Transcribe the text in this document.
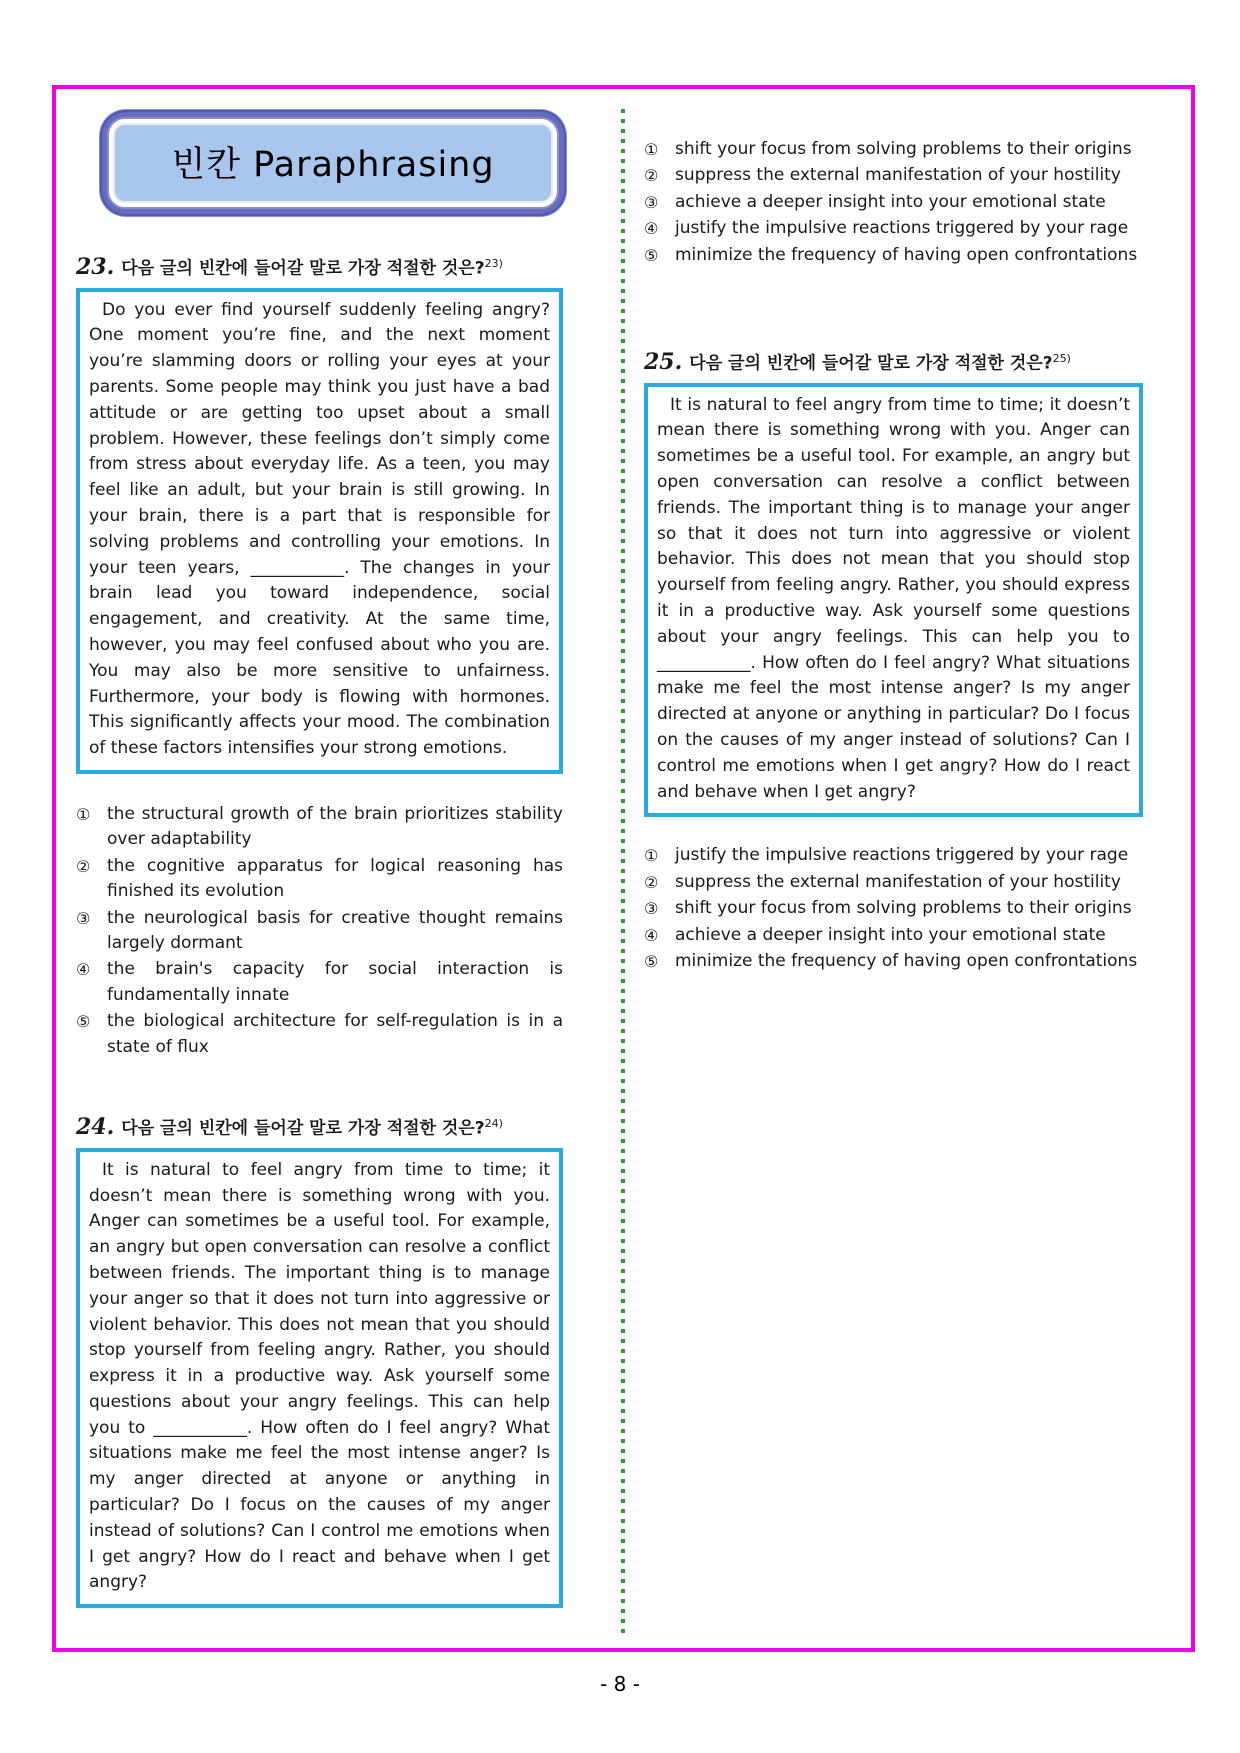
빈칸 Paraphrasing
23. 다음 글의 빈칸에 들어갈 말로 가장 적절한 것은?$^{23)}$

Do you ever find yourself suddenly feeling angry? One moment you’re fine, and the next moment you’re slamming doors or rolling your eyes at your parents. Some people may think you just have a bad attitude or are getting too upset about a small problem. However, these feelings don’t simply come from stress about everyday life. As a teen, you may feel like an adult, but your brain is still growing. In your brain, there is a part that is responsible for solving problems and controlling your emotions. In your teen years, ___________. The changes in your brain lead you toward independence, social engagement, and creativity. At the same time, however, you may feel confused about who you are. You may also be more sensitive to unfairness. Furthermore, your body is flowing with hormones. This significantly affects your mood. The combination of these factors intensifies your strong emotions.

① the structural growth of the brain prioritizes stability over adaptability
② the cognitive apparatus for logical reasoning has finished its evolution
③ the neurological basis for creative thought remains largely dormant
④ the brain's capacity for social interaction is fundamentally innate
⑤ the biological architecture for self-regulation is in a state of flux
24. 다음 글의 빈칸에 들어갈 말로 가장 적절한 것은?$^{24)}$

It is natural to feel angry from time to time; it doesn’t mean there is something wrong with you. Anger can sometimes be a useful tool. For example, an angry but open conversation can resolve a conflict between friends. The important thing is to manage your anger so that it does not turn into aggressive or violent behavior. This does not mean that you should stop yourself from feeling angry. Rather, you should express it in a productive way. Ask yourself some questions about your angry feelings. This can help you to ___________. How often do I feel angry? What situations make me feel the most intense anger? Is my anger directed at anyone or anything in particular? Do I focus on the causes of my anger instead of solutions? Can I control me emotions when I get angry? How do I react and behave when I get angry?

① shift your focus from solving problems to their origins
② suppress the external manifestation of your hostility
③ achieve a deeper insight into your emotional state
④ justify the impulsive reactions triggered by your rage
⑤ minimize the frequency of having open confrontations
25. 다음 글의 빈칸에 들어갈 말로 가장 적절한 것은?$^{25)}$

It is natural to feel angry from time to time; it doesn’t mean there is something wrong with you. Anger can sometimes be a useful tool. For example, an angry but open conversation can resolve a conflict between friends. The important thing is to manage your anger so that it does not turn into aggressive or violent behavior. This does not mean that you should stop yourself from feeling angry. Rather, you should express it in a productive way. Ask yourself some questions about your angry feelings. This can help you to ___________. How often do I feel angry? What situations make me feel the most intense anger? Is my anger directed at anyone or anything in particular? Do I focus on the causes of my anger instead of solutions? Can I control me emotions when I get angry? How do I react and behave when I get angry?

① justify the impulsive reactions triggered by your rage
② suppress the external manifestation of your hostility
③ shift your focus from solving problems to their origins
④ achieve a deeper insight into your emotional state
⑤ minimize the frequency of having open confrontations
- 8 -
